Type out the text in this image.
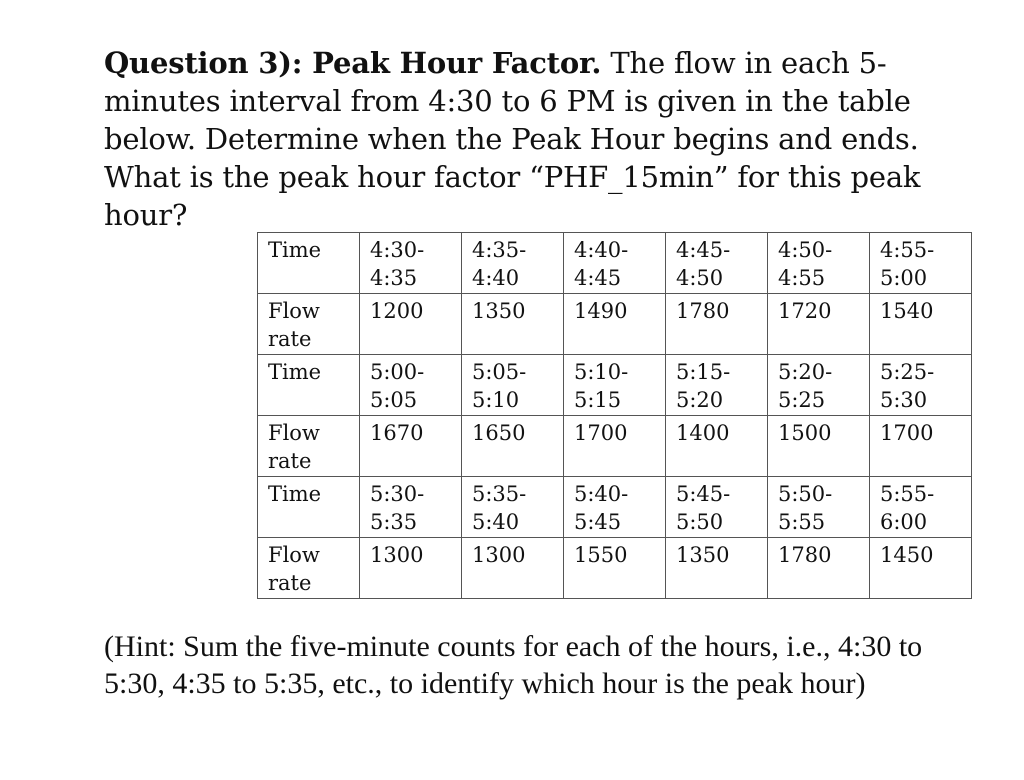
Question 3): Peak Hour Factor. The flow in each 5-minutes interval from 4:30 to 6 PM is given in the table below. Determine when the Peak Hour begins and ends. What is the peak hour factor “PHF_15min” for this peak hour?
Time	4:30-4:35	4:35-4:40	4:40-4:45	4:45-4:50	4:50-4:55	4:55-5:00
Flow rate	1200	1350	1490	1780	1720	1540
Time	5:00-5:05	5:05-5:10	5:10-5:15	5:15-5:20	5:20-5:25	5:25-5:30
Flow rate	1670	1650	1700	1400	1500	1700
Time	5:30-5:35	5:35-5:40	5:40-5:45	5:45-5:50	5:50-5:55	5:55-6:00
Flow rate	1300	1300	1550	1350	1780	1450
(Hint: Sum the five-minute counts for each of the hours, i.e., 4:30 to 5:30, 4:35 to 5:35, etc., to identify which hour is the peak hour)
